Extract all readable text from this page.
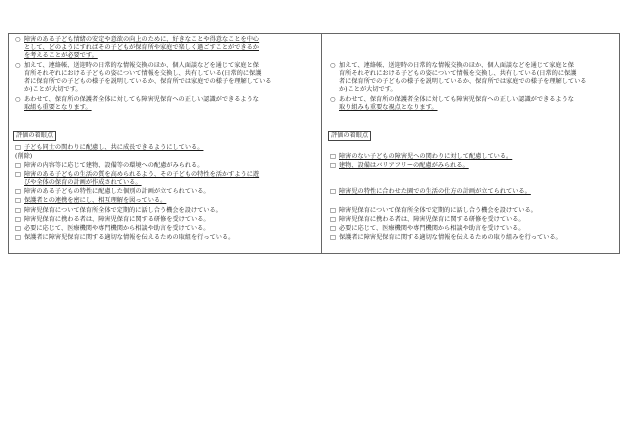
○ 障害のある子ども情緒の安定や意欲の向上のために、好きなことや得意なことを中心
として、どのようにすればその子どもが保育所や家庭で楽しく過ごすことができるか
を考えることが必要です。
○ 加えて、連絡帳、送迎時の日常的な情報交換のほか、個人面談などを通じて家庭と保
育所それぞれにおける子どもの姿について情報を交換し、共有している(日常的に保護
者に保育所での子どもの様子を説明しているか、保育所では家庭での様子を理解している
か)ことが大切です。
○ あわせて、保育所の保護者全体に対しても障害児保育への正しい認識ができるような
取組も重要となります。
評価の着眼点
□ 子ども同士の関わりに配慮し、共に成長できるようにしている。
(削除)
□ 障害の内容等に応じて建物、設備等の環境への配慮がみられる。
□ 障害のある子どもの生活の質を高められるよう、その子どもの特性を活かすように遊
びや全体の保育の計画が作成されている。
□ 障害のある子どもの特性に配慮した個別の計画が立てられている。
□ 保護者との連携を密にし、相互理解を図っている。
□ 障害児保育について保育所全体で定期的に話し合う機会を設けている。
□ 障害児保育に携わる者は、障害児保育に関する研修を受けている。
□ 必要に応じて、医療機関や専門機関から相談や助言を受けている。
□ 保護者に障害児保育に関する適切な情報を伝えるための取組を行っている。
○ 加えて、連絡帳、送迎時の日常的な情報交換のほか、個人面談などを通じて家庭と保
育所それぞれにおける子どもの姿について情報を交換し、共有している(日常的に保護
者に保育所での子どもの様子を説明しているか、保育所では家庭での様子を理解している
か)ことが大切です。
○ あわせて、保育所の保護者全体に対しても障害児保育への正しい認識ができるような
取り組みも重要な視点となります。
評価の着眼点
□ 障害のない子どもの障害児への関わりに対して配慮している。
□ 建物、設備はバリアフリーの配慮がみられる。
□ 障害児の特性に合わせた園での生活の仕方の計画が立てられている。
□ 障害児保育について保育所全体で定期的に話し合う機会を設けている。
□ 障害児保育に携わる者は、障害児保育に関する研修を受けている。
□ 必要に応じて、医療機関や専門機関から相談や助言を受けている。
□ 保護者に障害児保育に関する適切な情報を伝えるための取り組みを行っている。
